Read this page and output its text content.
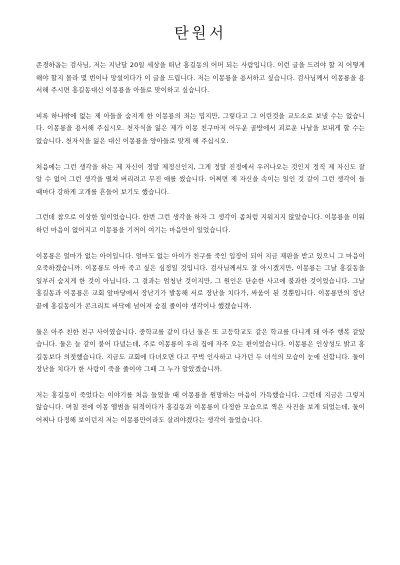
탄원서

존경하옵는 검사님, 저는 지난달 20일 세상을 떠난 홍길동의 어머 되는 사람입니다. 이런 글을 드려야 할 지 어떻게 해야 할지 몰라 몇 번이나 망설이다가 이 글을 드립니다. 저는 이몽룡을 용서하고 싶습니다. 검사님께서 이몽룡을 용서해 주시면 홍길동대신 이몽룡을 아들로 맞이하고 싶습니다.

비록 하나밖에 없는 제 아들을 숨지게 한 이몽룡의 죄는 밉지만, 그렇다고 그 어린것을 교도소로 보낼 수는 없습니다. 이몽룡을 용서해 주십시오. 천자식을 잃은 제가 이몽 친구마저 어두운 골방에서 괴로운 나날을 보내게 할 수는 없습니다. 천자식을 잃은 대신 이몽룡을 양아들로 맞게 해 주십시오.

처음에는 그런 생각을 하는 제 자신이 정말 제정신인지, 그게 정말 진정에서 우러나오는 것인지 정직 제 자신도 잘 알 수 없어 그런 생각을 떨쳐 버리려고 무진 애를 썼습니다. 어쩌면 제 자신을 속이는 일인 것 같이 그런 생각이 들 때마다 강하게 고개를 흔들어 보기도 했습니다.

그런데 참으로 이상한 일이었습니다. 한번 그런 생각을 하자 그 생각이 좀처럼 지워지지 않았습니다. 이몽룡을 미워하던 마음이 없어지고 이몽룡을 기꺼이 여기는 마음만이 일었습니다.

이몽룡은 얼마가 없는 아이입니다. 엄마도 없는 아이가 친구를 죽인 입장이 되어 지금 재판을 받고 있으니 그 마음이 오죽하겠습니까. 이몽룡도 아마 죽고 싶은 심정일 것입니다. 검사님께서도 잘 아시겠지만, 이몽룡는 그날 홍길동을 일부러 숨지게 한 것이 아닙니다. 그 결과는 엄청난 것이지만, 그 원인은 단순한 사고에 불과한 것이었습니다. 그날 홍길동과 이몽룡은 교회 앞마당에서 장난기가 발동해 서로 장난을 치다가, 싸움이 된 것뿐입니다. 이몽룡만의 장난 끝에 홍길동이가 콘크리트 바닥에 넘어져 숨질 줄이야 생각이나 했겠습니까.

둘은 아주 친한 친구 사이였습니다. 중학교를 같이 다닌 둘은 또 고등학교도 같은 학교를 다니게 돼 아주 행복 같았습니다. 둘은 늘 같이 붙어 다녔는데, 주로 이몽룡이 우리 집에 자주 오는 편이었습니다. 이몽룡은 인상성도 밝고 홍길동보다 의젓했습니다. 지금도 교회에 다녀오면 다고 꾸벅 인사하고 나가던 두 녀석의 모습이 눈에 선합니다. 둘이 장난을 치다가 한 사람이 죽을 줄이야 그때 그 누가 알았겠습니까.

저는 홍길동이 죽었다는 이야기를 처음 들었을 때 이몽룡을 원망하는 마음이 가득했습니다. 그런데 지금은 그렇지 않습니다. 며칠 전에 이몽 앨범을 뒤적이다가 홍길동과 이몽룡이 다정한 모습으로 찍은 사진을 보게 되었는데, 둘이 어찌나 다정해 보이던지 저는 이몽룡만이라도 살려야겠다는 생각이 들었습니다.
